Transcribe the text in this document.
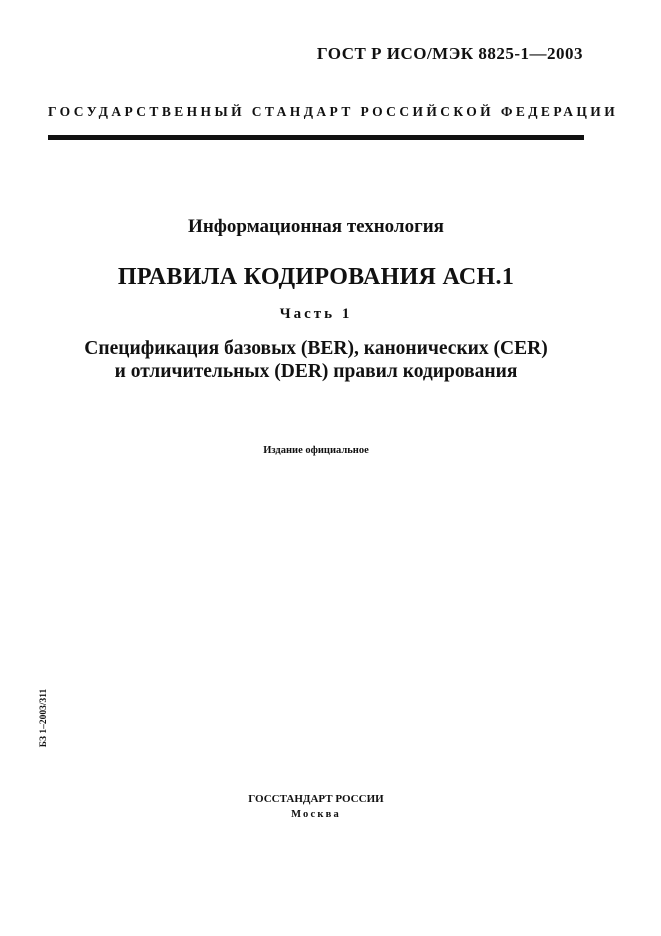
ГОСТ Р ИСО/МЭК 8825-1—2003
ГОСУДАРСТВЕННЫЙ СТАНДАРТ РОССИЙСКОЙ ФЕДЕРАЦИИ
Информационная технология
ПРАВИЛА КОДИРОВАНИЯ АСН.1
Часть 1
Спецификация базовых (BER), канонических (CER)
и отличительных (DER) правил кодирования
Издание официальное
БЗ 1–2003/311
ГОССТАНДАРТ РОССИИ
Москва
